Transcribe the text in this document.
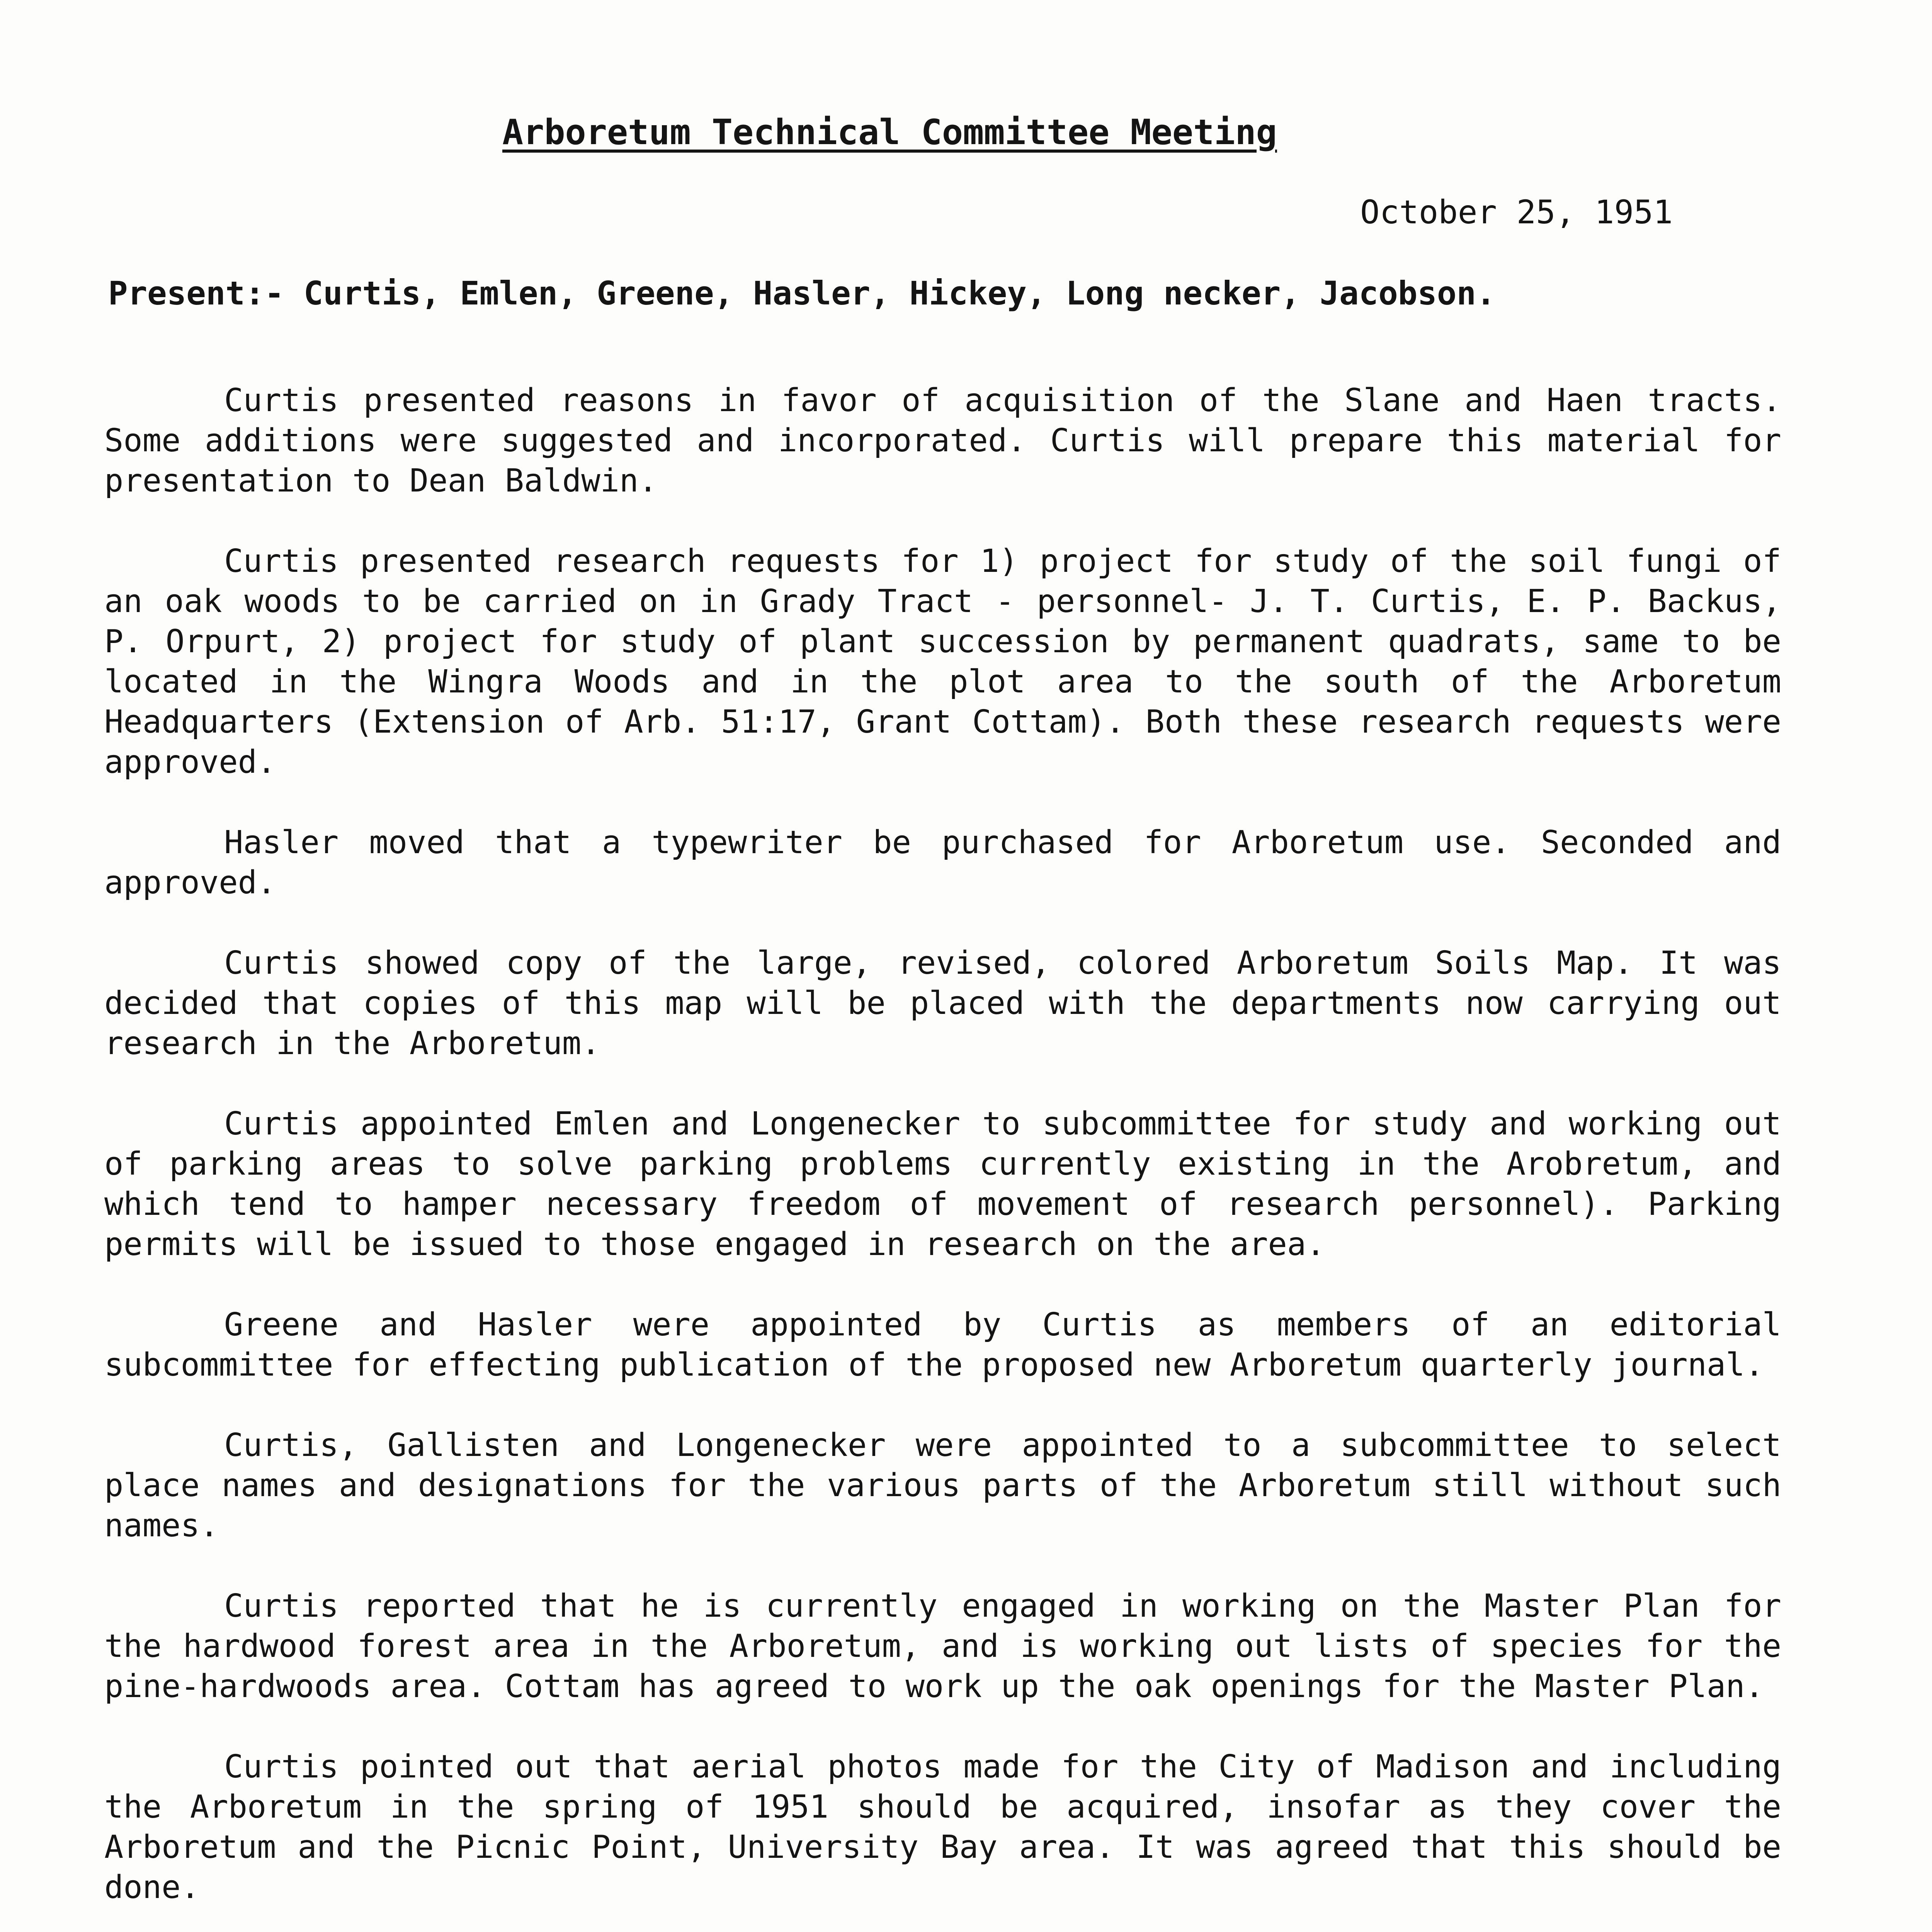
Arboretum Technical Committee Meeting
October 25, 1951
Present:- Curtis, Emlen, Greene, Hasler, Hickey, Long necker, Jacobson.

Curtis presented reasons in favor of acquisition of the Slane and Haen tracts. Some additions were suggested and incorporated. Curtis will prepare this material for presentation to Dean Baldwin.

Curtis presented research requests for 1) project for study of the soil fungi of an oak woods to be carried on in Grady Tract - personnel- J. T. Curtis, E. P. Backus, P. Orpurt, 2) project for study of plant succession by permanent quadrats, same to be located in the Wingra Woods and in the plot area to the south of the Arboretum Headquarters (Extension of Arb. 51:17, Grant Cottam). Both these research requests were approved.

Hasler moved that a typewriter be purchased for Arboretum use. Seconded and approved.

Curtis showed copy of the large, revised, colored Arboretum Soils Map. It was decided that copies of this map will be placed with the departments now carrying out research in the Arboretum.

Curtis appointed Emlen and Longenecker to subcommittee for study and working out of parking areas to solve parking problems currently existing in the Arobretum, and which tend to hamper necessary freedom of movement of research personnel). Parking permits will be issued to those engaged in research on the area.

Greene and Hasler were appointed by Curtis as members of an editorial subcommittee for effecting publication of the proposed new Arboretum quarterly journal.

Curtis, Gallisten and Longenecker were appointed to a subcommittee to select place names and designations for the various parts of the Arboretum still without such names.

Curtis reported that he is currently engaged in working on the Master Plan for the hardwood forest area in the Arboretum, and is working out lists of species for the pine-hardwoods area. Cottam has agreed to work up the oak openings for the Master Plan.

Curtis pointed out that aerial photos made for the City of Madison and including the Arboretum in the spring of 1951 should be acquired, insofar as they cover the Arboretum and the Picnic Point, University Bay area. It was agreed that this should be done.
